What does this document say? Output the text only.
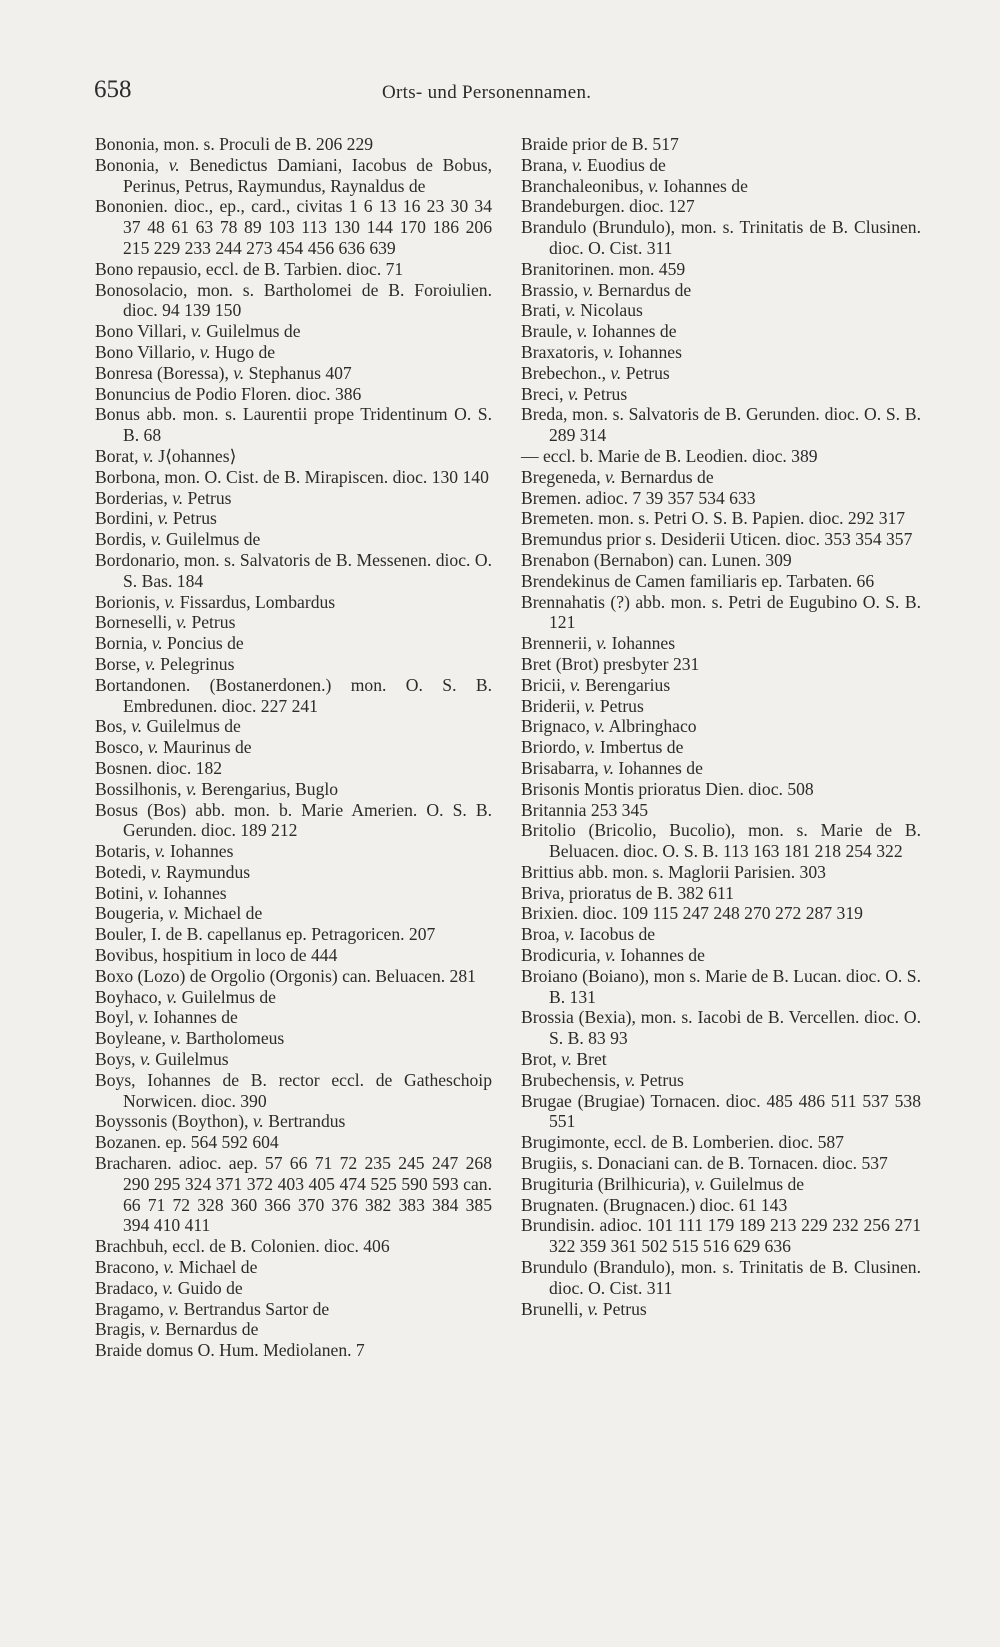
658	Orts- und Personennamen.
Bononia, mon. s. Proculi de B. 206 229
Bononia, v. Benedictus Damiani, Iacobus de Bobus, Perinus, Petrus, Raymundus, Raynaldus de
Bononien. dioc., ep., card., civitas 1 6 13 16 23 30 34 37 48 61 63 78 89 103 113 130 144 170 186 206 215 229 233 244 273 454 456 636 639
Bono repausio, eccl. de B. Tarbien. dioc. 71
Bonosolacio, mon. s. Bartholomei de B. Foroiulien. dioc. 94 139 150
Bono Villari, v. Guilelmus de
Bono Villario, v. Hugo de
Bonresa (Boressa), v. Stephanus 407
Bonuncius de Podio Floren. dioc. 386
Bonus abb. mon. s. Laurentii prope Tridentinum O. S. B. 68
Borat, v. J⟨ohannes⟩
Borbona, mon. O. Cist. de B. Mirapiscen. dioc. 130 140
Borderias, v. Petrus
Bordini, v. Petrus
Bordis, v. Guilelmus de
Bordonario, mon. s. Salvatoris de B. Messenen. dioc. O. S. Bas. 184
Borionis, v. Fissardus, Lombardus
Borneselli, v. Petrus
Bornia, v. Poncius de
Borse, v. Pelegrinus
Bortandonen. (Bostanerdonen.) mon. O. S. B. Embredunen. dioc. 227 241
Bos, v. Guilelmus de
Bosco, v. Maurinus de
Bosnen. dioc. 182
Bossilhonis, v. Berengarius, Buglo
Bosus (Bos) abb. mon. b. Marie Amerien. O. S. B. Gerunden. dioc. 189 212
Botaris, v. Iohannes
Botedi, v. Raymundus
Botini, v. Iohannes
Bougeria, v. Michael de
Bouler, I. de B. capellanus ep. Petragoricen. 207
Bovibus, hospitium in loco de 444
Boxo (Lozo) de Orgolio (Orgonis) can. Beluacen. 281
Boyhaco, v. Guilelmus de
Boyl, v. Iohannes de
Boyleane, v. Bartholomeus
Boys, v. Guilelmus
Boys, Iohannes de B. rector eccl. de Gatheschoip Norwicen. dioc. 390
Boyssonis (Boython), v. Bertrandus
Bozanen. ep. 564 592 604
Bracharen. adioc. aep. 57 66 71 72 235 245 247 268 290 295 324 371 372 403 405 474 525 590 593 can. 66 71 72 328 360 366 370 376 382 383 384 385 394 410 411
Brachbuh, eccl. de B. Colonien. dioc. 406
Bracono, v. Michael de
Bradaco, v. Guido de
Bragamo, v. Bertrandus Sartor de
Bragis, v. Bernardus de
Braide domus O. Hum. Mediolanen. 7
Braide prior de B. 517
Brana, v. Euodius de
Branchaleonibus, v. Iohannes de
Brandeburgen. dioc. 127
Brandulo (Brundulo), mon. s. Trinitatis de B. Clusinen. dioc. O. Cist. 311
Branitorinen. mon. 459
Brassio, v. Bernardus de
Brati, v. Nicolaus
Braule, v. Iohannes de
Braxatoris, v. Iohannes
Brebechon., v. Petrus
Breci, v. Petrus
Breda, mon. s. Salvatoris de B. Gerunden. dioc. O. S. B. 289 314
— eccl. b. Marie de B. Leodien. dioc. 389
Bregeneda, v. Bernardus de
Bremen. adioc. 7 39 357 534 633
Bremeten. mon. s. Petri O. S. B. Papien. dioc. 292 317
Bremundus prior s. Desiderii Uticen. dioc. 353 354 357
Brenabon (Bernabon) can. Lunen. 309
Brendekinus de Camen familiaris ep. Tarbaten. 66
Brennahatis (?) abb. mon. s. Petri de Eugubino O. S. B. 121
Brennerii, v. Iohannes
Bret (Brot) presbyter 231
Bricii, v. Berengarius
Briderii, v. Petrus
Brignaco, v. Albringhaco
Briordo, v. Imbertus de
Brisabarra, v. Iohannes de
Brisonis Montis prioratus Dien. dioc. 508
Britannia 253 345
Britolio (Bricolio, Bucolio), mon. s. Marie de B. Beluacen. dioc. O. S. B. 113 163 181 218 254 322
Brittius abb. mon. s. Maglorii Parisien. 303
Briva, prioratus de B. 382 611
Brixien. dioc. 109 115 247 248 270 272 287 319
Broa, v. Iacobus de
Brodicuria, v. Iohannes de
Broiano (Boiano), mon s. Marie de B. Lucan. dioc. O. S. B. 131
Brossia (Bexia), mon. s. Iacobi de B. Vercellen. dioc. O. S. B. 83 93
Brot, v. Bret
Brubechensis, v. Petrus
Brugae (Brugiae) Tornacen. dioc. 485 486 511 537 538 551
Brugimonte, eccl. de B. Lomberien. dioc. 587
Brugiis, s. Donaciani can. de B. Tornacen. dioc. 537
Brugituria (Brilhicuria), v. Guilelmus de
Brugnaten. (Brugnacen.) dioc. 61 143
Brundisin. adioc. 101 111 179 189 213 229 232 256 271 322 359 361 502 515 516 629 636
Brundulo (Brandulo), mon. s. Trinitatis de B. Clusinen. dioc. O. Cist. 311
Brunelli, v. Petrus
